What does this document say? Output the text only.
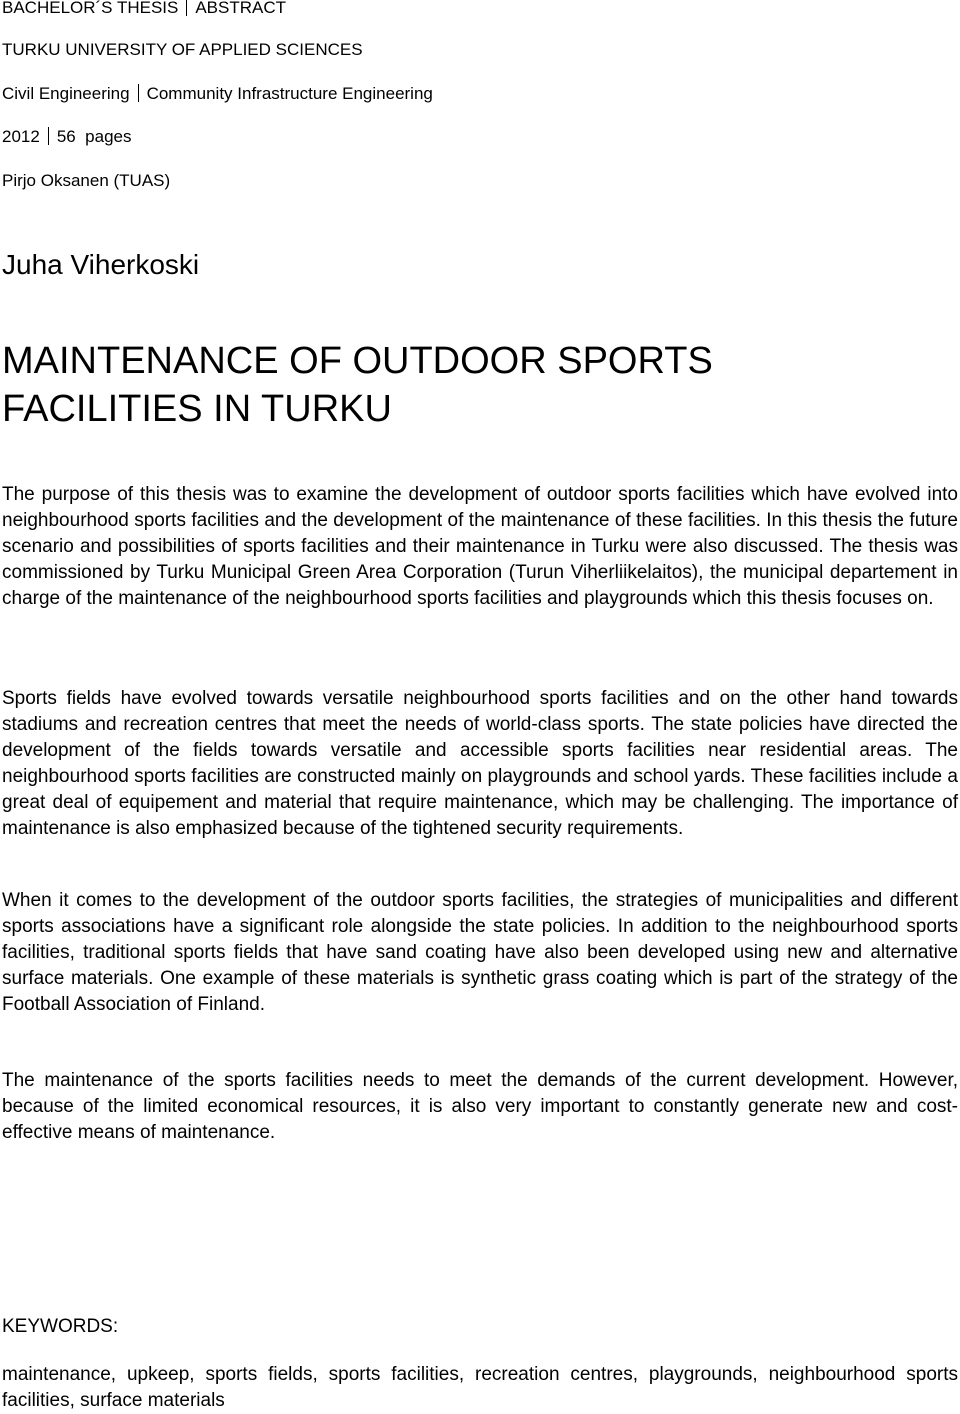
BACHELOR´S THESIS ABSTRACT
TURKU UNIVERSITY OF APPLIED SCIENCES
Civil Engineering Community Infrastructure Engineering
2012 56  pages
Pirjo Oksanen (TUAS)
Juha Viherkoski
MAINTENANCE OF OUTDOOR SPORTS
FACILITIES IN TURKU
The purpose of this thesis was to examine the development of outdoor sports facilities which have evolved into neighbourhood sports facilities and the development of the maintenance of these facilities. In this thesis the future scenario and possibilities of sports facilities and their maintenance in Turku were also discussed. The thesis was commissioned by Turku Municipal Green Area Corporation (Turun Viherliikelaitos), the municipal departement in charge of the maintenance of the neighbourhood sports facilities and playgrounds which this thesis focuses on.
Sports fields have evolved towards versatile neighbourhood sports facilities and on the other hand towards stadiums and recreation centres that meet the needs of world-class sports. The state policies have directed the development of the fields towards versatile and accessible sports facilities near residential areas. The neighbourhood sports facilities are constructed mainly on playgrounds and school yards. These facilities include a great deal of equipement and material that require maintenance, which may be challenging. The importance of maintenance is also emphasized because of the tightened security requirements.
When it comes to the development of the outdoor sports facilities, the strategies of municipalities and different sports associations have a significant role alongside the state policies. In addition to the neighbourhood sports facilities, traditional sports fields that have sand coating have also been developed using new and alternative surface materials. One example of these materials is synthetic grass coating which is part of the strategy of the Football Association of Finland.
The maintenance of the sports facilities needs to meet the demands of the current development. However, because of the limited economical resources, it is also very important to constantly generate new and cost-effective means of maintenance.
KEYWORDS:
maintenance, upkeep, sports fields, sports facilities, recreation centres, playgrounds, neighbourhood sports facilities, surface materials
